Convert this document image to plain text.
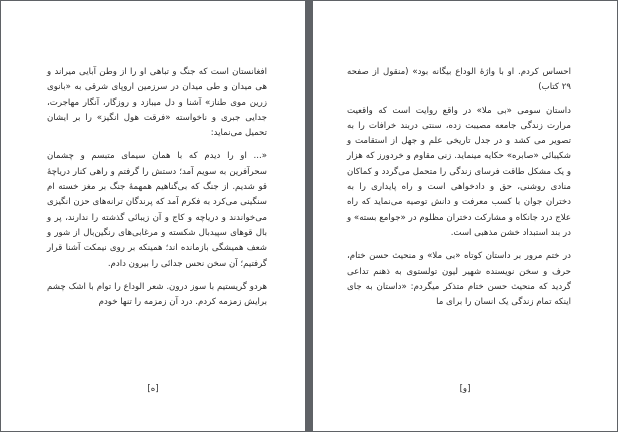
افغانستان است که جنگ و تباهی او را از وطن آبایی میراند و هی میدان و طی میدان در سرزمین اروپای شرقی به «بانوی زرین موی طناز» آشنا و دل میبازد و روزگار، آنگار مهاجرت، جدایی جبری و ناخواسته «فرقت هول انگیز» را بر ایشان تحمیل می‌نماید:

«... او را دیدم که با همان سیمای متبسم و چشمان سحرآفرین به سویم آمد؛ دستش را گرفتم و راهی کنار دریاچهٔ قو شدیم. از جنگ که بی‌گناهیم همهمهٔ جنگ بر مغز خسته ام سنگینی می‌کرد به فکرم آمد که پرندگان ترانه‌های حزن انگیزی می‌خواندند و دریاچه و کاج و آن زیبائی گذشته را ندارند، پر و بال قوهای سپیدبال شکسته و مرغابی‌های رنگین‌بال از شور و شعف همیشگی بازمانده اند؛ همینکه بر روی نیمکت آشنا قرار گرفتیم؛ آن سخن نحس جدائی را بیرون دادم.

هردو گریستیم با سوز درون. شعر الوداع را توام با اشک چشم برایش زمزمه کردم. درد آن زمزمه را تنها خودم

[ه]

احساس کردم. او با واژهٔ الوداع بیگانه بود» (منقول از صفحه ۲۹ کتاب)

داستان سومی «بی ملا» در واقع روایت است که واقعیت مرارت زندگی جامعه مصیبت زده، سنتی دربند خرافات را به تصویر می کشد و در جدل تاریخی علم و جهل از استقامت و شکیبائی «صابره» حکایه مینماید. زنی مقاوم و خردورز که هزار و یک مشکل طاقت فرسای زندگی را متحمل می‌گردد و کماکان منادی روشنی، حق و دادخواهی است و راه پایداری را به دختران جوان با کسب معرفت و دانش توصیه می‌نماید که راه علاج درد جانکاه و مشارکت دختران مظلوم در «جوامع بسته» و در بند استبداد خشن مذهبی است.

در ختم مرور بر داستان کوتاه «بی ملا» و منحیث حسن ختام، حرف و سخن نویسنده شهیر لیون تولستوی به ذهنم تداعی گردید که منحیث حسن ختام متذکر میگردم: «داستان به جای اینکه تمام زندگی یک انسان را برای ما

[و]
